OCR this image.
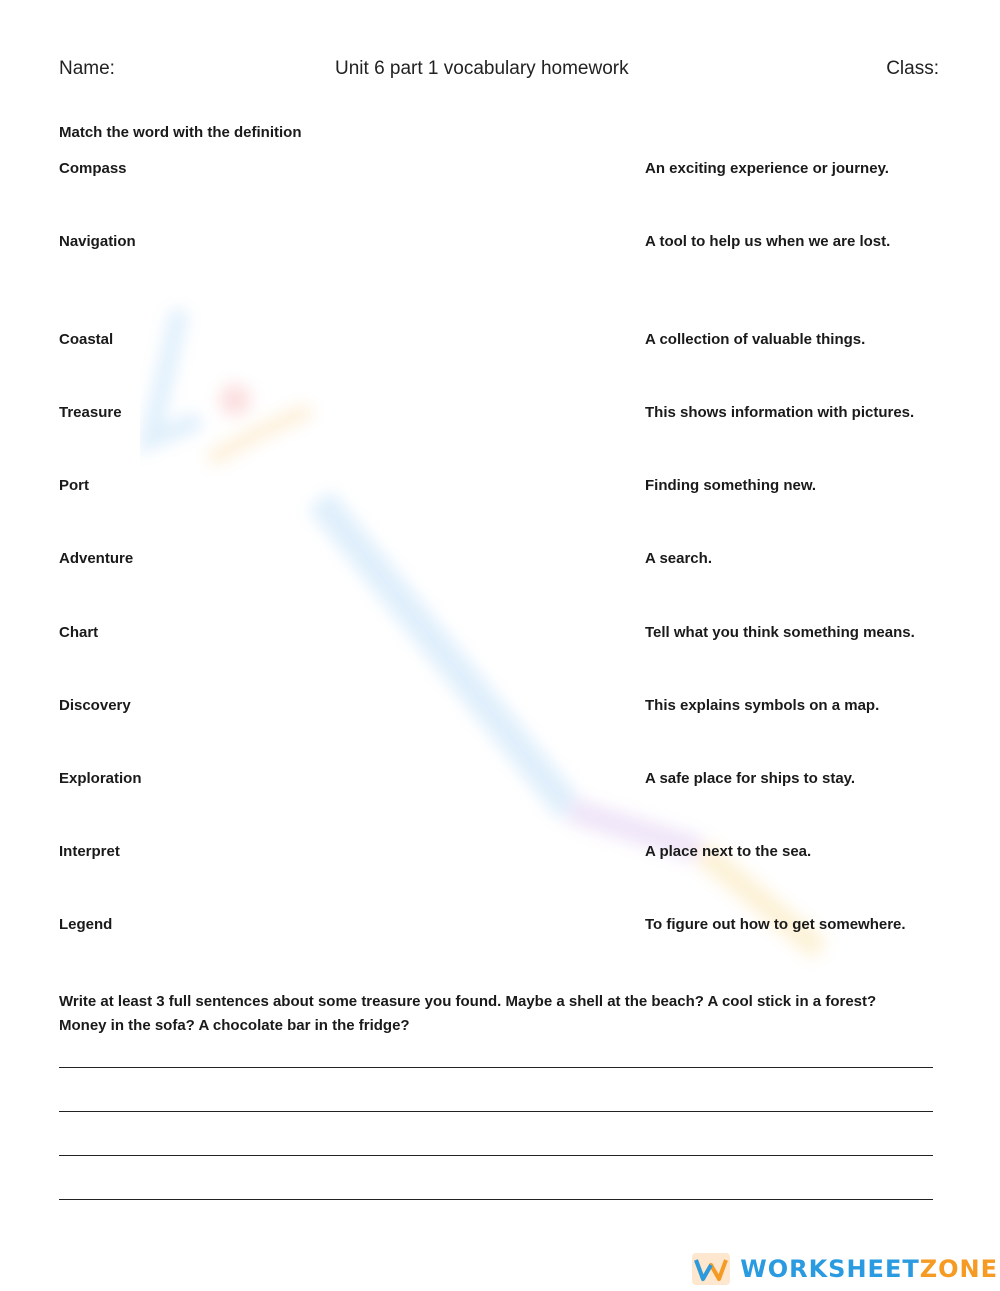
Name:	Unit 6 part 1 vocabulary homework	Class:
Match the word with the definition
Compass
Navigation
Coastal
Treasure
Port
Adventure
Chart
Discovery
Exploration
Interpret
Legend
An exciting experience or journey.
A tool to help us when we are lost.
A collection of valuable things.
This shows information with pictures.
Finding something new.
A search.
Tell what you think something means.
This explains symbols on a map.
A safe place for ships to stay.
A place next to the sea.
To figure out how to get somewhere.
Write at least 3 full sentences about some treasure you found. Maybe a shell at the beach? A cool stick in a forest?
Money in the sofa? A chocolate bar in the fridge?
WORKSHEETZONE
